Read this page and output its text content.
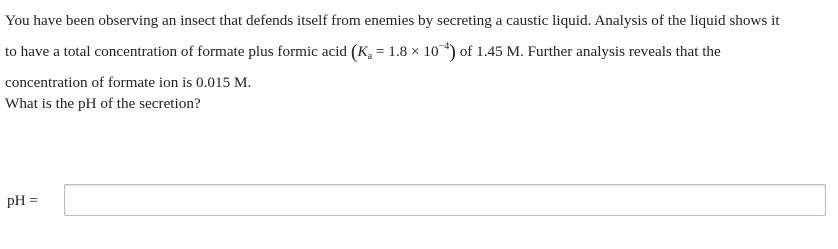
You have been observing an insect that defends itself from enemies by secreting a caustic liquid. Analysis of the liquid shows it

to have a total concentration of formate plus formic acid $(K_a = 1.8 \times 10^{-4})$ of 1.45 M. Further analysis reveals that the

concentration of formate ion is 0.015 M.

What is the pH of the secretion?
pH =
